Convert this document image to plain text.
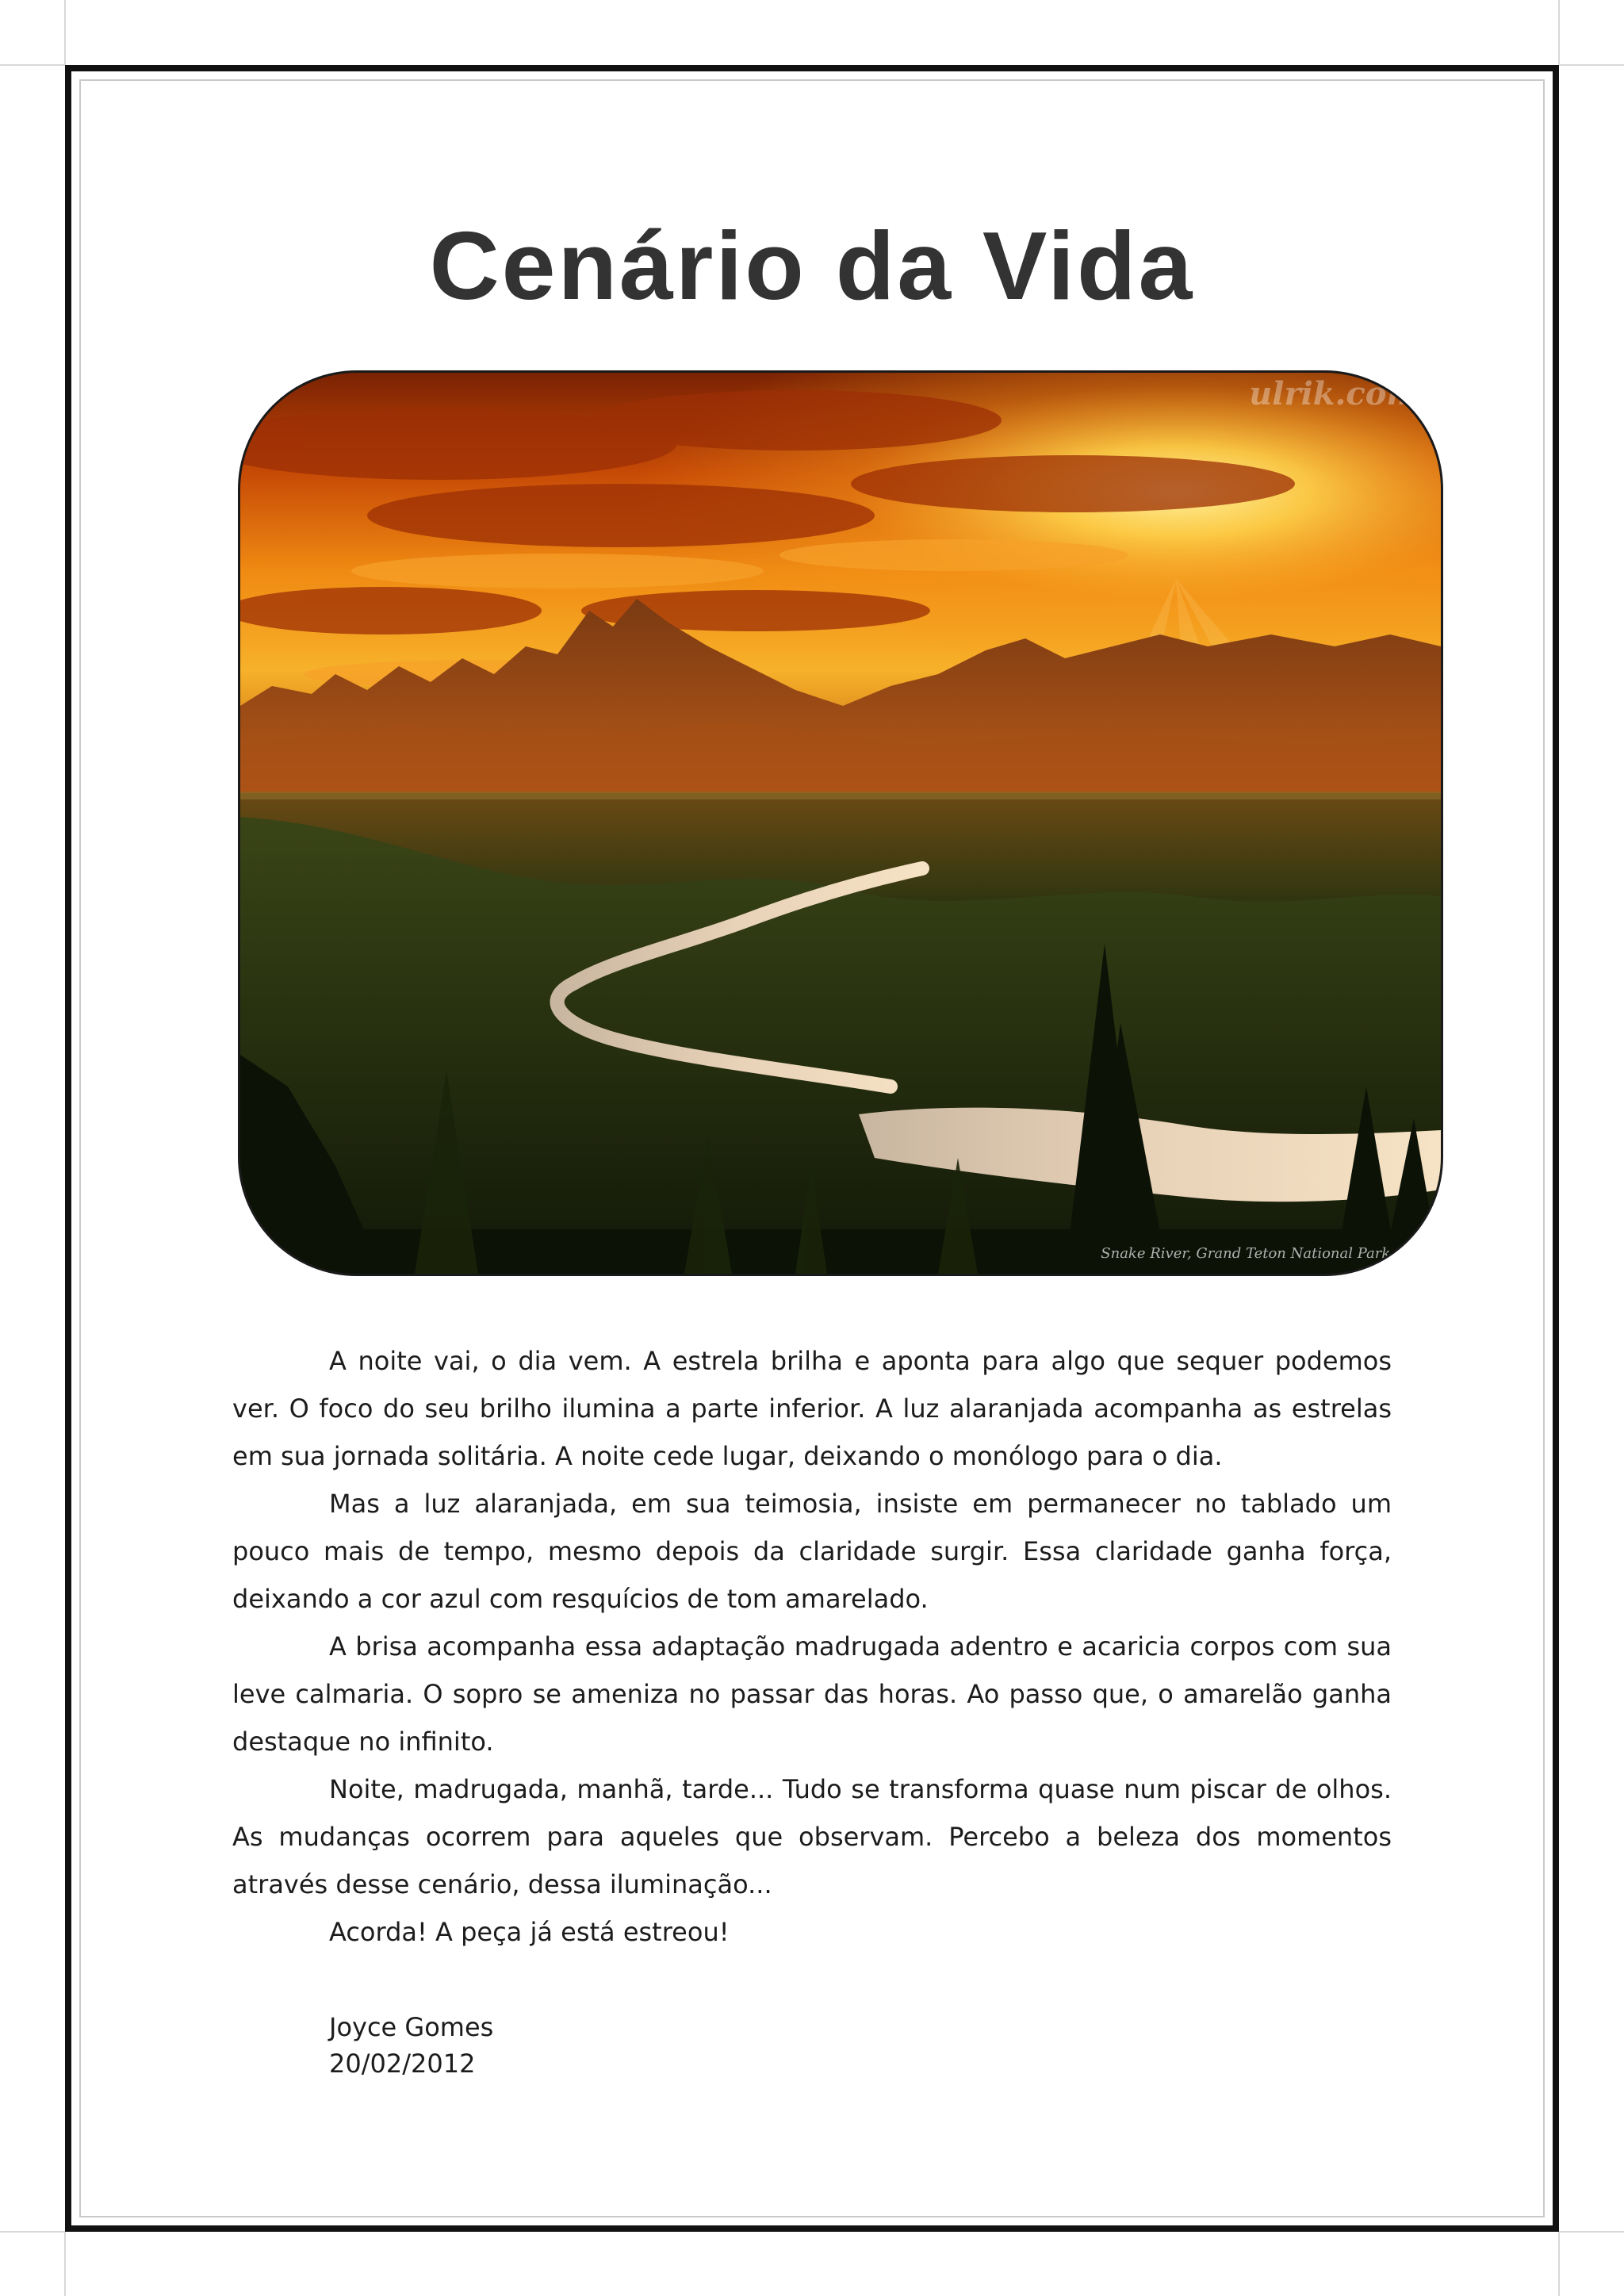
Cenário da Vida
ulrik.com
Snake River, Grand Teton National Park, Wy

A noite vai, o dia vem. A estrela brilha e aponta para algo que sequer podemos ver. O foco do seu brilho ilumina a parte inferior. A luz alaranjada acompanha as estrelas em sua jornada solitária. A noite cede lugar, deixando o monólogo para o dia.

Mas a luz alaranjada, em sua teimosia, insiste em permanecer no tablado um pouco mais de tempo, mesmo depois da claridade surgir. Essa claridade ganha força, deixando a cor azul com resquícios de tom amarelado.

A brisa acompanha essa adaptação madrugada adentro e acaricia corpos com sua leve calmaria. O sopro se ameniza no passar das horas. Ao passo que, o amarelão ganha destaque no infinito.

Noite, madrugada, manhã, tarde... Tudo se transforma quase num piscar de olhos. As mudanças ocorrem para aqueles que observam. Percebo a beleza dos momentos através desse cenário, dessa iluminação...

Acorda! A peça já está estreou!

Joyce Gomes
20/02/2012
